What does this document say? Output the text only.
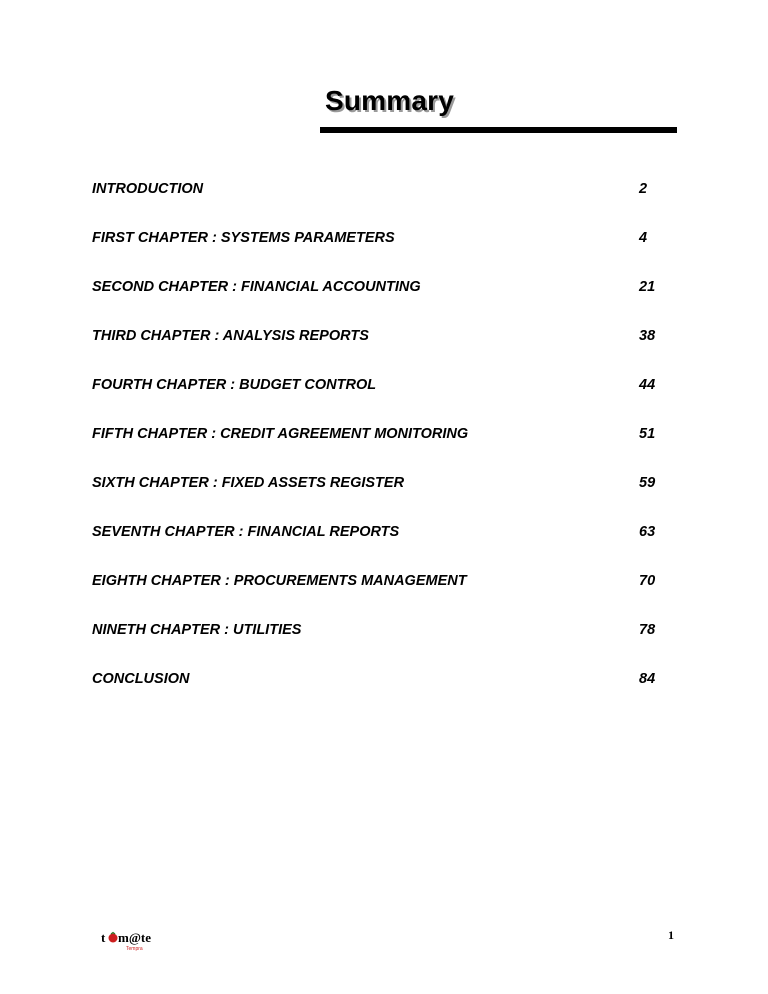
Summary
INTRODUCTION	2
FIRST CHAPTER : SYSTEMS PARAMETERS	4
SECOND CHAPTER : FINANCIAL ACCOUNTING	21
THIRD CHAPTER : ANALYSIS REPORTS	38
FOURTH CHAPTER : BUDGET CONTROL	44
FIFTH CHAPTER : CREDIT AGREEMENT MONITORING	51
SIXTH CHAPTER : FIXED ASSETS REGISTER	59
SEVENTH CHAPTER : FINANCIAL REPORTS	63
EIGHTH CHAPTER : PROCUREMENTS MANAGEMENT	70
NINETH CHAPTER : UTILITIES	78
CONCLUSION	84
t m@te
Tempra
1
